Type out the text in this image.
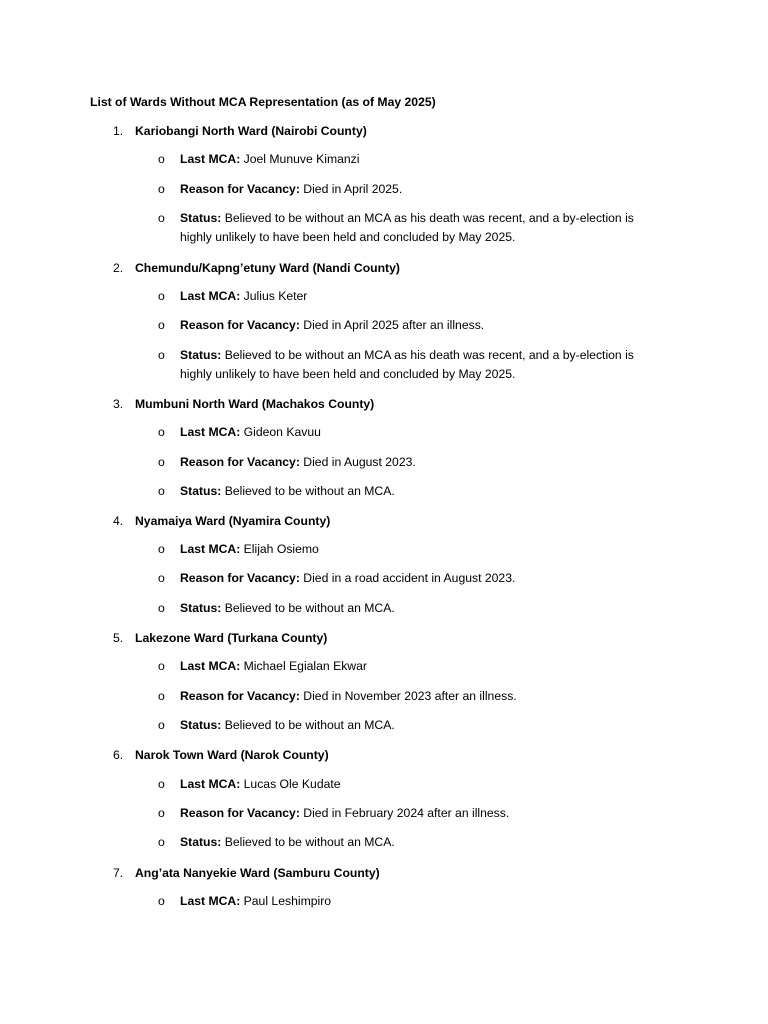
List of Wards Without MCA Representation (as of May 2025)
1. Kariobangi North Ward (Nairobi County)
o Last MCA: Joel Munuve Kimanzi
o Reason for Vacancy: Died in April 2025.
o Status: Believed to be without an MCA as his death was recent, and a by-election is highly unlikely to have been held and concluded by May 2025.
2. Chemundu/Kapng’etuny Ward (Nandi County)
o Last MCA: Julius Keter
o Reason for Vacancy: Died in April 2025 after an illness.
o Status: Believed to be without an MCA as his death was recent, and a by-election is highly unlikely to have been held and concluded by May 2025.
3. Mumbuni North Ward (Machakos County)
o Last MCA: Gideon Kavuu
o Reason for Vacancy: Died in August 2023.
o Status: Believed to be without an MCA.
4. Nyamaiya Ward (Nyamira County)
o Last MCA: Elijah Osiemo
o Reason for Vacancy: Died in a road accident in August 2023.
o Status: Believed to be without an MCA.
5. Lakezone Ward (Turkana County)
o Last MCA: Michael Egialan Ekwar
o Reason for Vacancy: Died in November 2023 after an illness.
o Status: Believed to be without an MCA.
6. Narok Town Ward (Narok County)
o Last MCA: Lucas Ole Kudate
o Reason for Vacancy: Died in February 2024 after an illness.
o Status: Believed to be without an MCA.
7. Ang’ata Nanyekie Ward (Samburu County)
o Last MCA: Paul Leshimpiro
